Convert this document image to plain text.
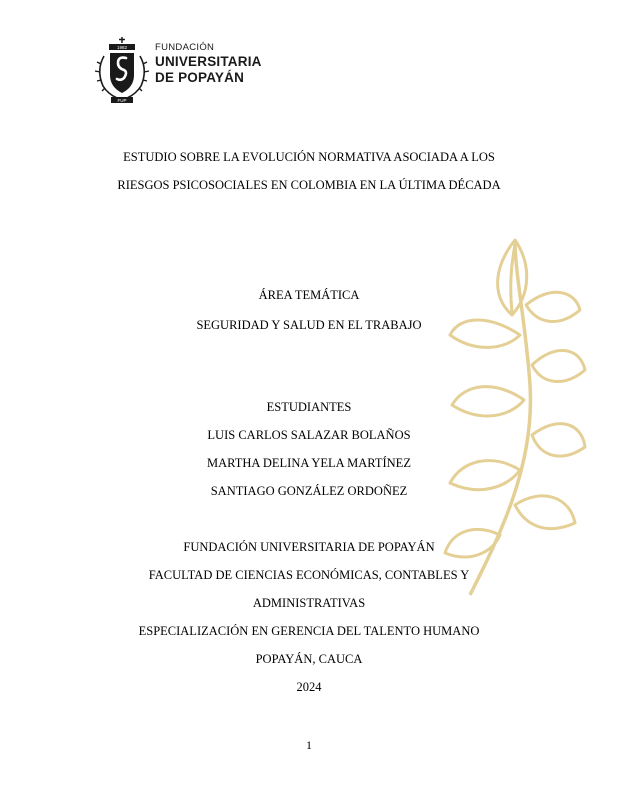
1982
FUP
FUNDACIÓN
UNIVERSITARIA
DE POPAYÁN
ESTUDIO SOBRE LA EVOLUCIÓN NORMATIVA ASOCIADA A LOS
RIESGOS PSICOSOCIALES EN COLOMBIA EN LA ÚLTIMA DÉCADA
ÁREA TEMÁTICA
SEGURIDAD Y SALUD EN EL TRABAJO
ESTUDIANTES
LUIS CARLOS SALAZAR BOLAÑOS
MARTHA DELINA YELA MARTÍNEZ
SANTIAGO GONZÁLEZ ORDOÑEZ
FUNDACIÓN UNIVERSITARIA DE POPAYÁN
FACULTAD DE CIENCIAS ECONÓMICAS, CONTABLES Y
ADMINISTRATIVAS
ESPECIALIZACIÓN EN GERENCIA DEL TALENTO HUMANO
POPAYÁN, CAUCA
2024
1
